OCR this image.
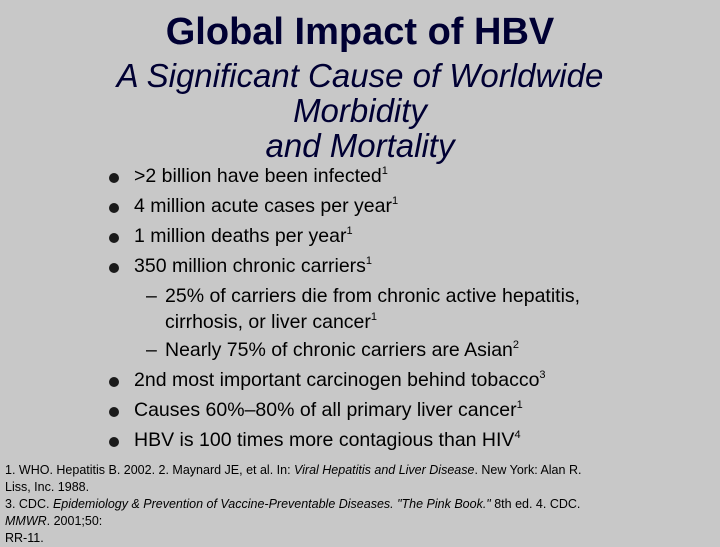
Global Impact of HBV
A Significant Cause of Worldwide
Morbidity
and Mortality
>2 billion have been infected$^1$
4 million acute cases per year$^1$
1 million deaths per year$^1$
350 million chronic carriers$^1$
– 25% of carriers die from chronic active hepatitis,
cirrhosis, or liver cancer$^1$
– Nearly 75% of chronic carriers are Asian$^2$
2nd most important carcinogen behind tobacco$^3$
Causes 60%–80% of all primary liver cancer$^1$
HBV is 100 times more contagious than HIV$^4$
1. WHO. Hepatitis B. 2002. 2. Maynard JE, et al. In: Viral Hepatitis and Liver Disease. New York: Alan R.
Liss, Inc. 1988.
3. CDC. Epidemiology & Prevention of Vaccine-Preventable Diseases. "The Pink Book." 8th ed. 4. CDC.
MMWR. 2001;50:
RR-11.
